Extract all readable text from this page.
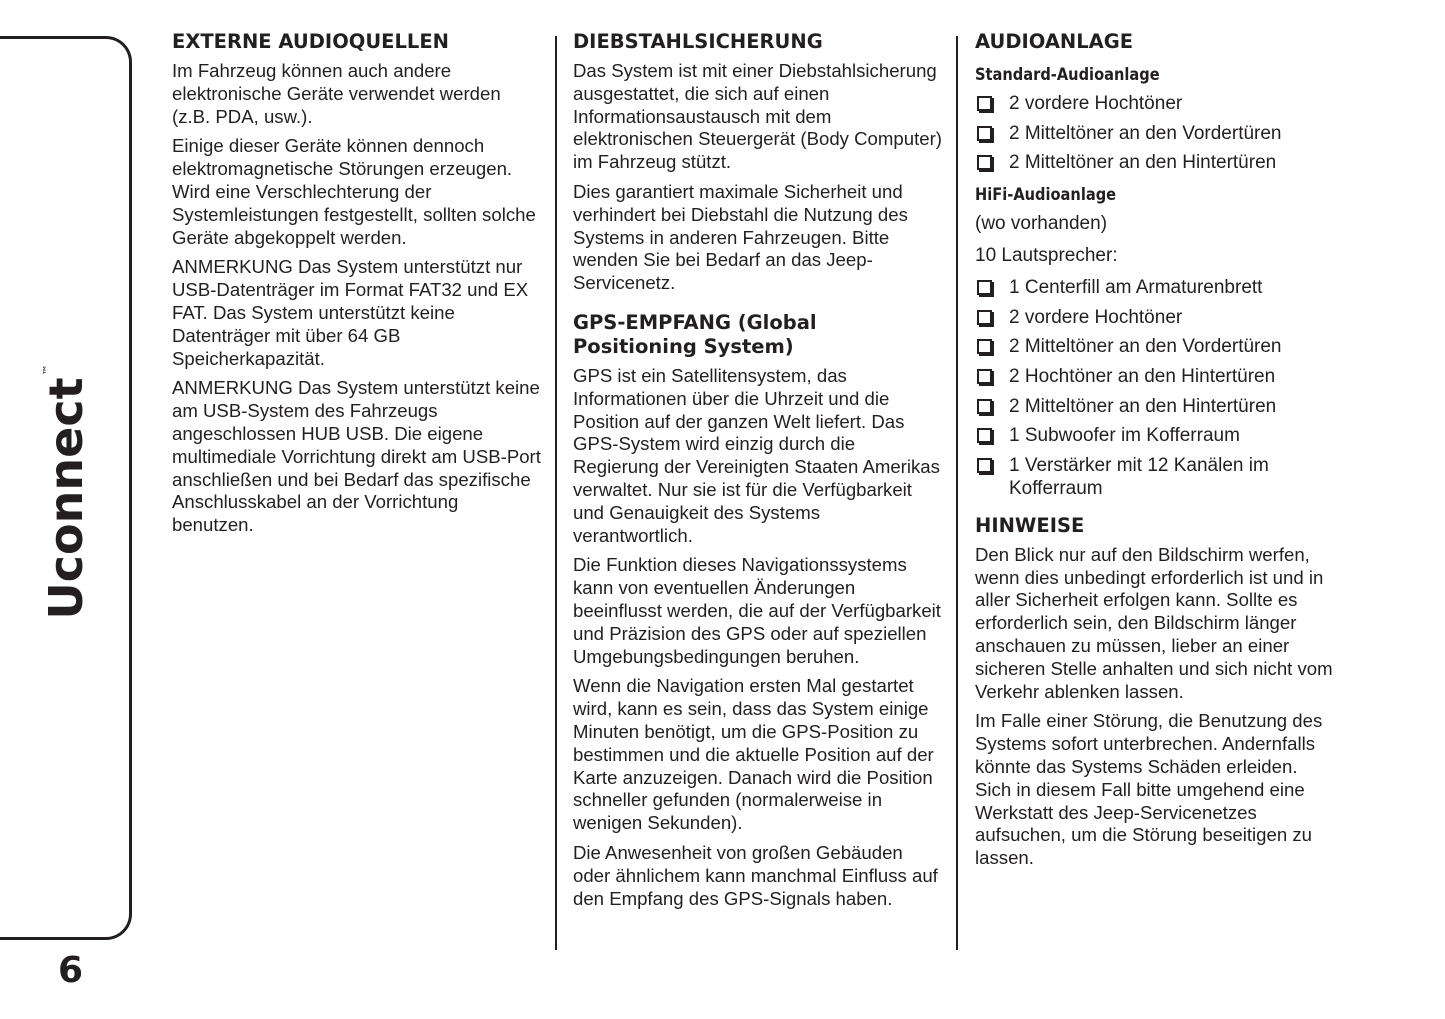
Uconnect™
6
EXTERNE AUDIOQUELLEN

Im Fahrzeug können auch andere elektronische Geräte verwendet werden (z.B. PDA, usw.).

Einige dieser Geräte können dennoch elektromagnetische Störungen erzeugen. Wird eine Verschlechterung der Systemleistungen festgestellt, sollten solche Geräte abgekoppelt werden.

ANMERKUNG Das System unterstützt nur USB-Datenträger im Format FAT32 und EX FAT. Das System unterstützt keine Datenträger mit über 64 GB Speicherkapazität.

ANMERKUNG Das System unterstützt keine am USB-System des Fahrzeugs angeschlossen HUB USB. Die eigene multimediale Vorrichtung direkt am USB-Port anschließen und bei Bedarf das spezifische Anschlusskabel an der Vorrichtung benutzen.

DIEBSTAHLSICHERUNG

Das System ist mit einer Diebstahlsicherung ausgestattet, die sich auf einen Informationsaustausch mit dem elektronischen Steuergerät (Body Computer) im Fahrzeug stützt.

Dies garantiert maximale Sicherheit und verhindert bei Diebstahl die Nutzung des Systems in anderen Fahrzeugen. Bitte wenden Sie bei Bedarf an das Jeep-Servicenetz.

GPS-EMPFANG (Global
Positioning System)

GPS ist ein Satellitensystem, das Informationen über die Uhrzeit und die Position auf der ganzen Welt liefert. Das GPS-System wird einzig durch die Regierung der Vereinigten Staaten Amerikas verwaltet. Nur sie ist für die Verfügbarkeit und Genauigkeit des Systems verantwortlich.

Die Funktion dieses Navigationssystems kann von eventuellen Änderungen beeinflusst werden, die auf der Verfügbarkeit und Präzision des GPS oder auf speziellen Umgebungsbedingungen beruhen.

Wenn die Navigation ersten Mal gestartet wird, kann es sein, dass das System einige Minuten benötigt, um die GPS-Position zu bestimmen und die aktuelle Position auf der Karte anzuzeigen. Danach wird die Position schneller gefunden (normalerweise in wenigen Sekunden).

Die Anwesenheit von großen Gebäuden oder ähnlichem kann manchmal Einfluss auf den Empfang des GPS-Signals haben.

AUDIOANLAGE
Standard-Audioanlage
2 vordere Hochtöner
2 Mitteltöner an den Vordertüren
2 Mitteltöner an den Hintertüren
HiFi-Audioanlage

(wo vorhanden)

10 Lautsprecher:

1 Centerfill am Armaturenbrett
2 vordere Hochtöner
2 Mitteltöner an den Vordertüren
2 Hochtöner an den Hintertüren
2 Mitteltöner an den Hintertüren
1 Subwoofer im Kofferraum
1 Verstärker mit 12 Kanälen im Kofferraum
HINWEISE

Den Blick nur auf den Bildschirm werfen, wenn dies unbedingt erforderlich ist und in aller Sicherheit erfolgen kann. Sollte es erforderlich sein, den Bildschirm länger anschauen zu müssen, lieber an einer sicheren Stelle anhalten und sich nicht vom Verkehr ablenken lassen.

Im Falle einer Störung, die Benutzung des Systems sofort unterbrechen. Andernfalls könnte das Systems Schäden erleiden.

Sich in diesem Fall bitte umgehend eine Werkstatt des Jeep-Servicenetzes aufsuchen, um die Störung beseitigen zu lassen.
